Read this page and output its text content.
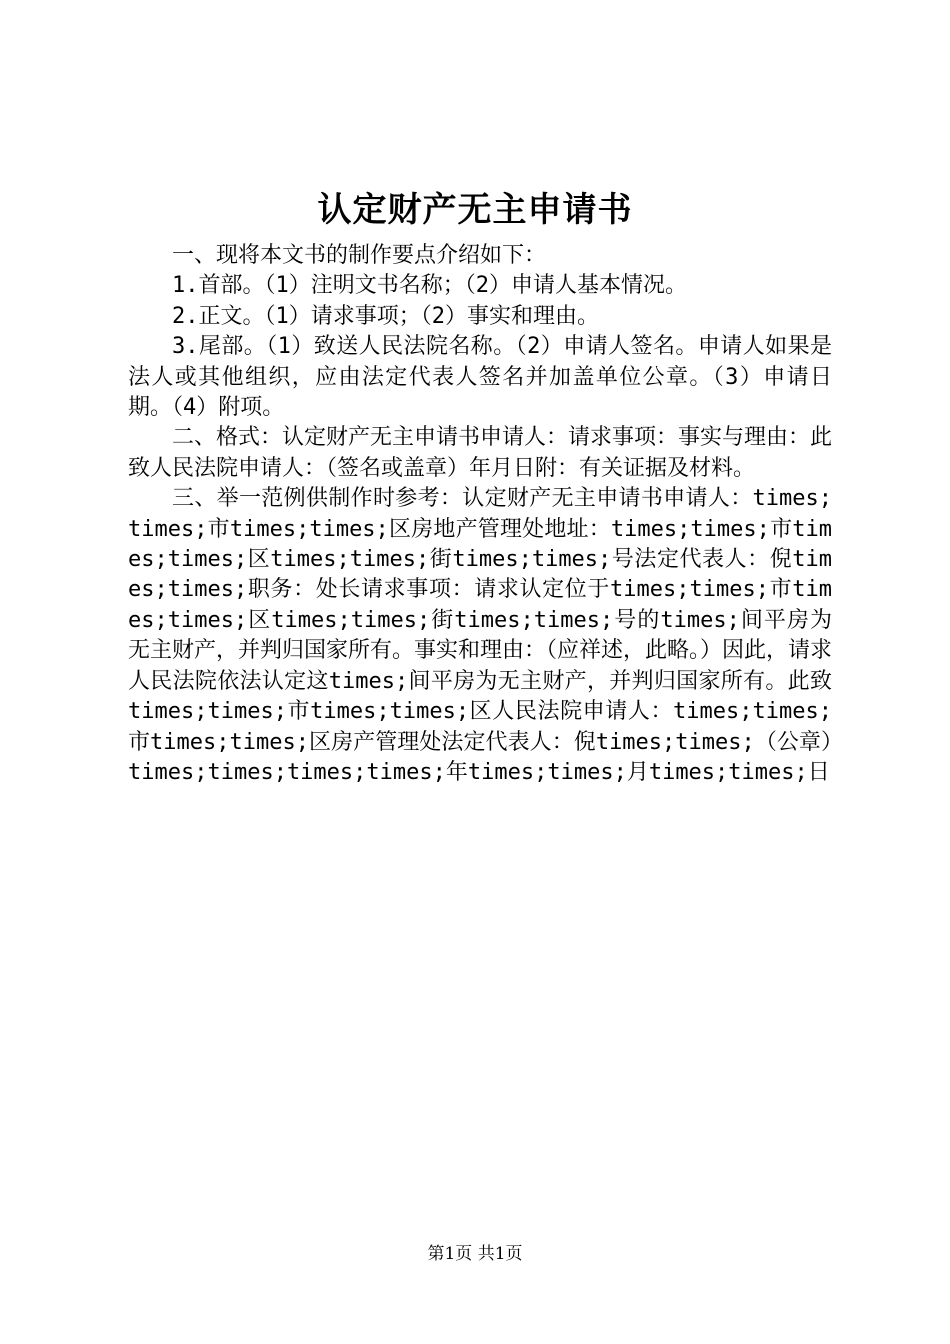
认定财产无主申请书

一、现将本文书的制作要点介绍如下：

1.首部。（1）注明文书名称；（2）申请人基本情况。

2.正文。（1）请求事项；（2）事实和理由。

3.尾部。（1）致送人民法院名称。（2）申请人签名。申请人如果是法人或其他组织，应由法定代表人签名并加盖单位公章。（3）申请日期。（4）附项。

二、格式：认定财产无主申请书申请人：请求事项：事实与理由：此致人民法院申请人：（签名或盖章）年月日附：有关证据及材料。

三、举一范例供制作时参考：认定财产无主申请书申请人：times;times;市times;times;区房地产管理处地址：times;times;市times;times;区times;times;街times;times;号法定代表人：倪times;times;职务：处长请求事项：请求认定位于times;times;市times;times;区times;times;街times;times;号的times;间平房为无主财产，并判归国家所有。事实和理由：（应祥述，此略。）因此，请求人民法院依法认定这times;间平房为无主财产，并判归国家所有。此致times;times;市times;times;区人民法院申请人：times;times;市times;times;区房产管理处法定代表人：倪times;times;（公章）times;times;times;times;年times;times;月times;times;日

第1页 共1页
